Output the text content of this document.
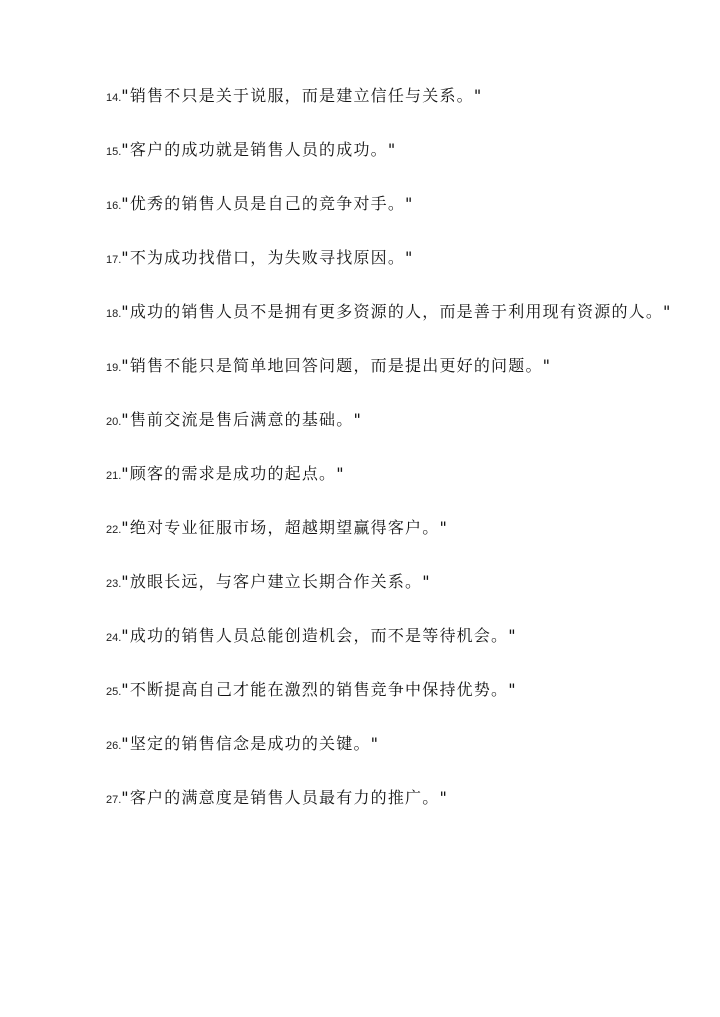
14. "销售不只是关于说服，而是建立信任与关系。"
15. "客户的成功就是销售人员的成功。"
16. "优秀的销售人员是自己的竞争对手。"
17. "不为成功找借口，为失败寻找原因。"
18. "成功的销售人员不是拥有更多资源的人，而是善于利用现有资源的人。"
19. "销售不能只是简单地回答问题，而是提出更好的问题。"
20. "售前交流是售后满意的基础。"
21. "顾客的需求是成功的起点。"
22. "绝对专业征服市场，超越期望赢得客户。"
23. "放眼长远，与客户建立长期合作关系。"
24. "成功的销售人员总能创造机会，而不是等待机会。"
25. "不断提高自己才能在激烈的销售竞争中保持优势。"
26. "坚定的销售信念是成功的关键。"
27. "客户的满意度是销售人员最有力的推广。"
